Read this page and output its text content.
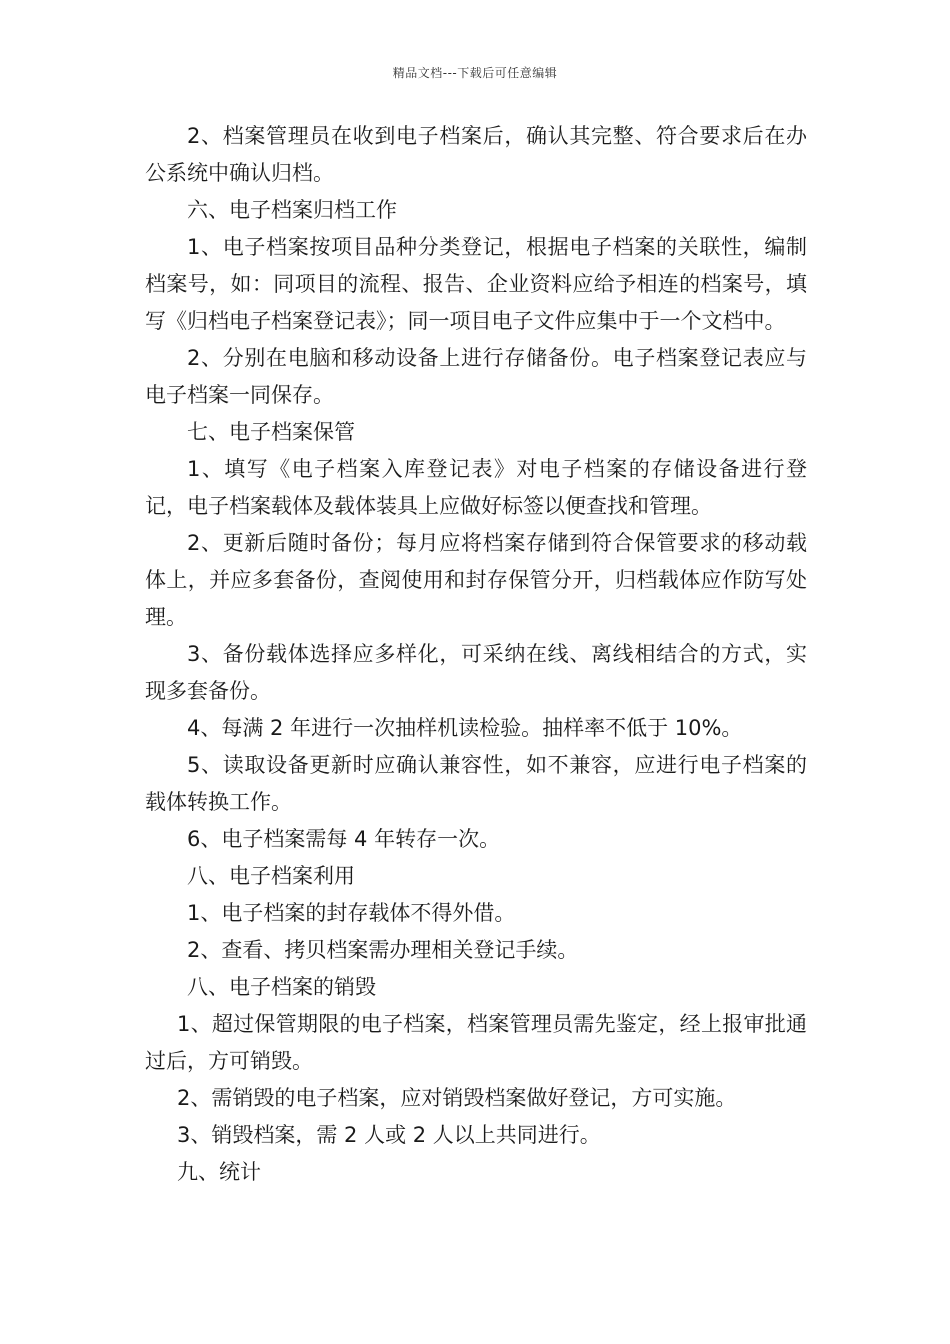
精品文档---下载后可任意编辑

2、档案管理员在收到电子档案后，确认其完整、符合要求后在办公系统中确认归档。

六、电子档案归档工作

1、电子档案按项目品种分类登记，根据电子档案的关联性，编制档案号，如：同项目的流程、报告、企业资料应给予相连的档案号，填写《归档电子档案登记表》；同一项目电子文件应集中于一个文档中。

2、分别在电脑和移动设备上进行存储备份。电子档案登记表应与电子档案一同保存。

七、电子档案保管

1、填写《电子档案入库登记表》对电子档案的存储设备进行登记，电子档案载体及载体装具上应做好标签以便查找和管理。

2、更新后随时备份；每月应将档案存储到符合保管要求的移动载体上，并应多套备份，查阅使用和封存保管分开，归档载体应作防写处理。

3、备份载体选择应多样化，可采纳在线、离线相结合的方式，实现多套备份。

4、每满 2 年进行一次抽样机读检验。抽样率不低于 10%。

5、读取设备更新时应确认兼容性，如不兼容，应进行电子档案的载体转换工作。

6、电子档案需每 4 年转存一次。

八、电子档案利用

1、电子档案的封存载体不得外借。

2、查看、拷贝档案需办理相关登记手续。

八、电子档案的销毁

1、超过保管期限的电子档案，档案管理员需先鉴定，经上报审批通过后，方可销毁。

2、需销毁的电子档案，应对销毁档案做好登记，方可实施。

3、销毁档案，需 2 人或 2 人以上共同进行。

九、统计
